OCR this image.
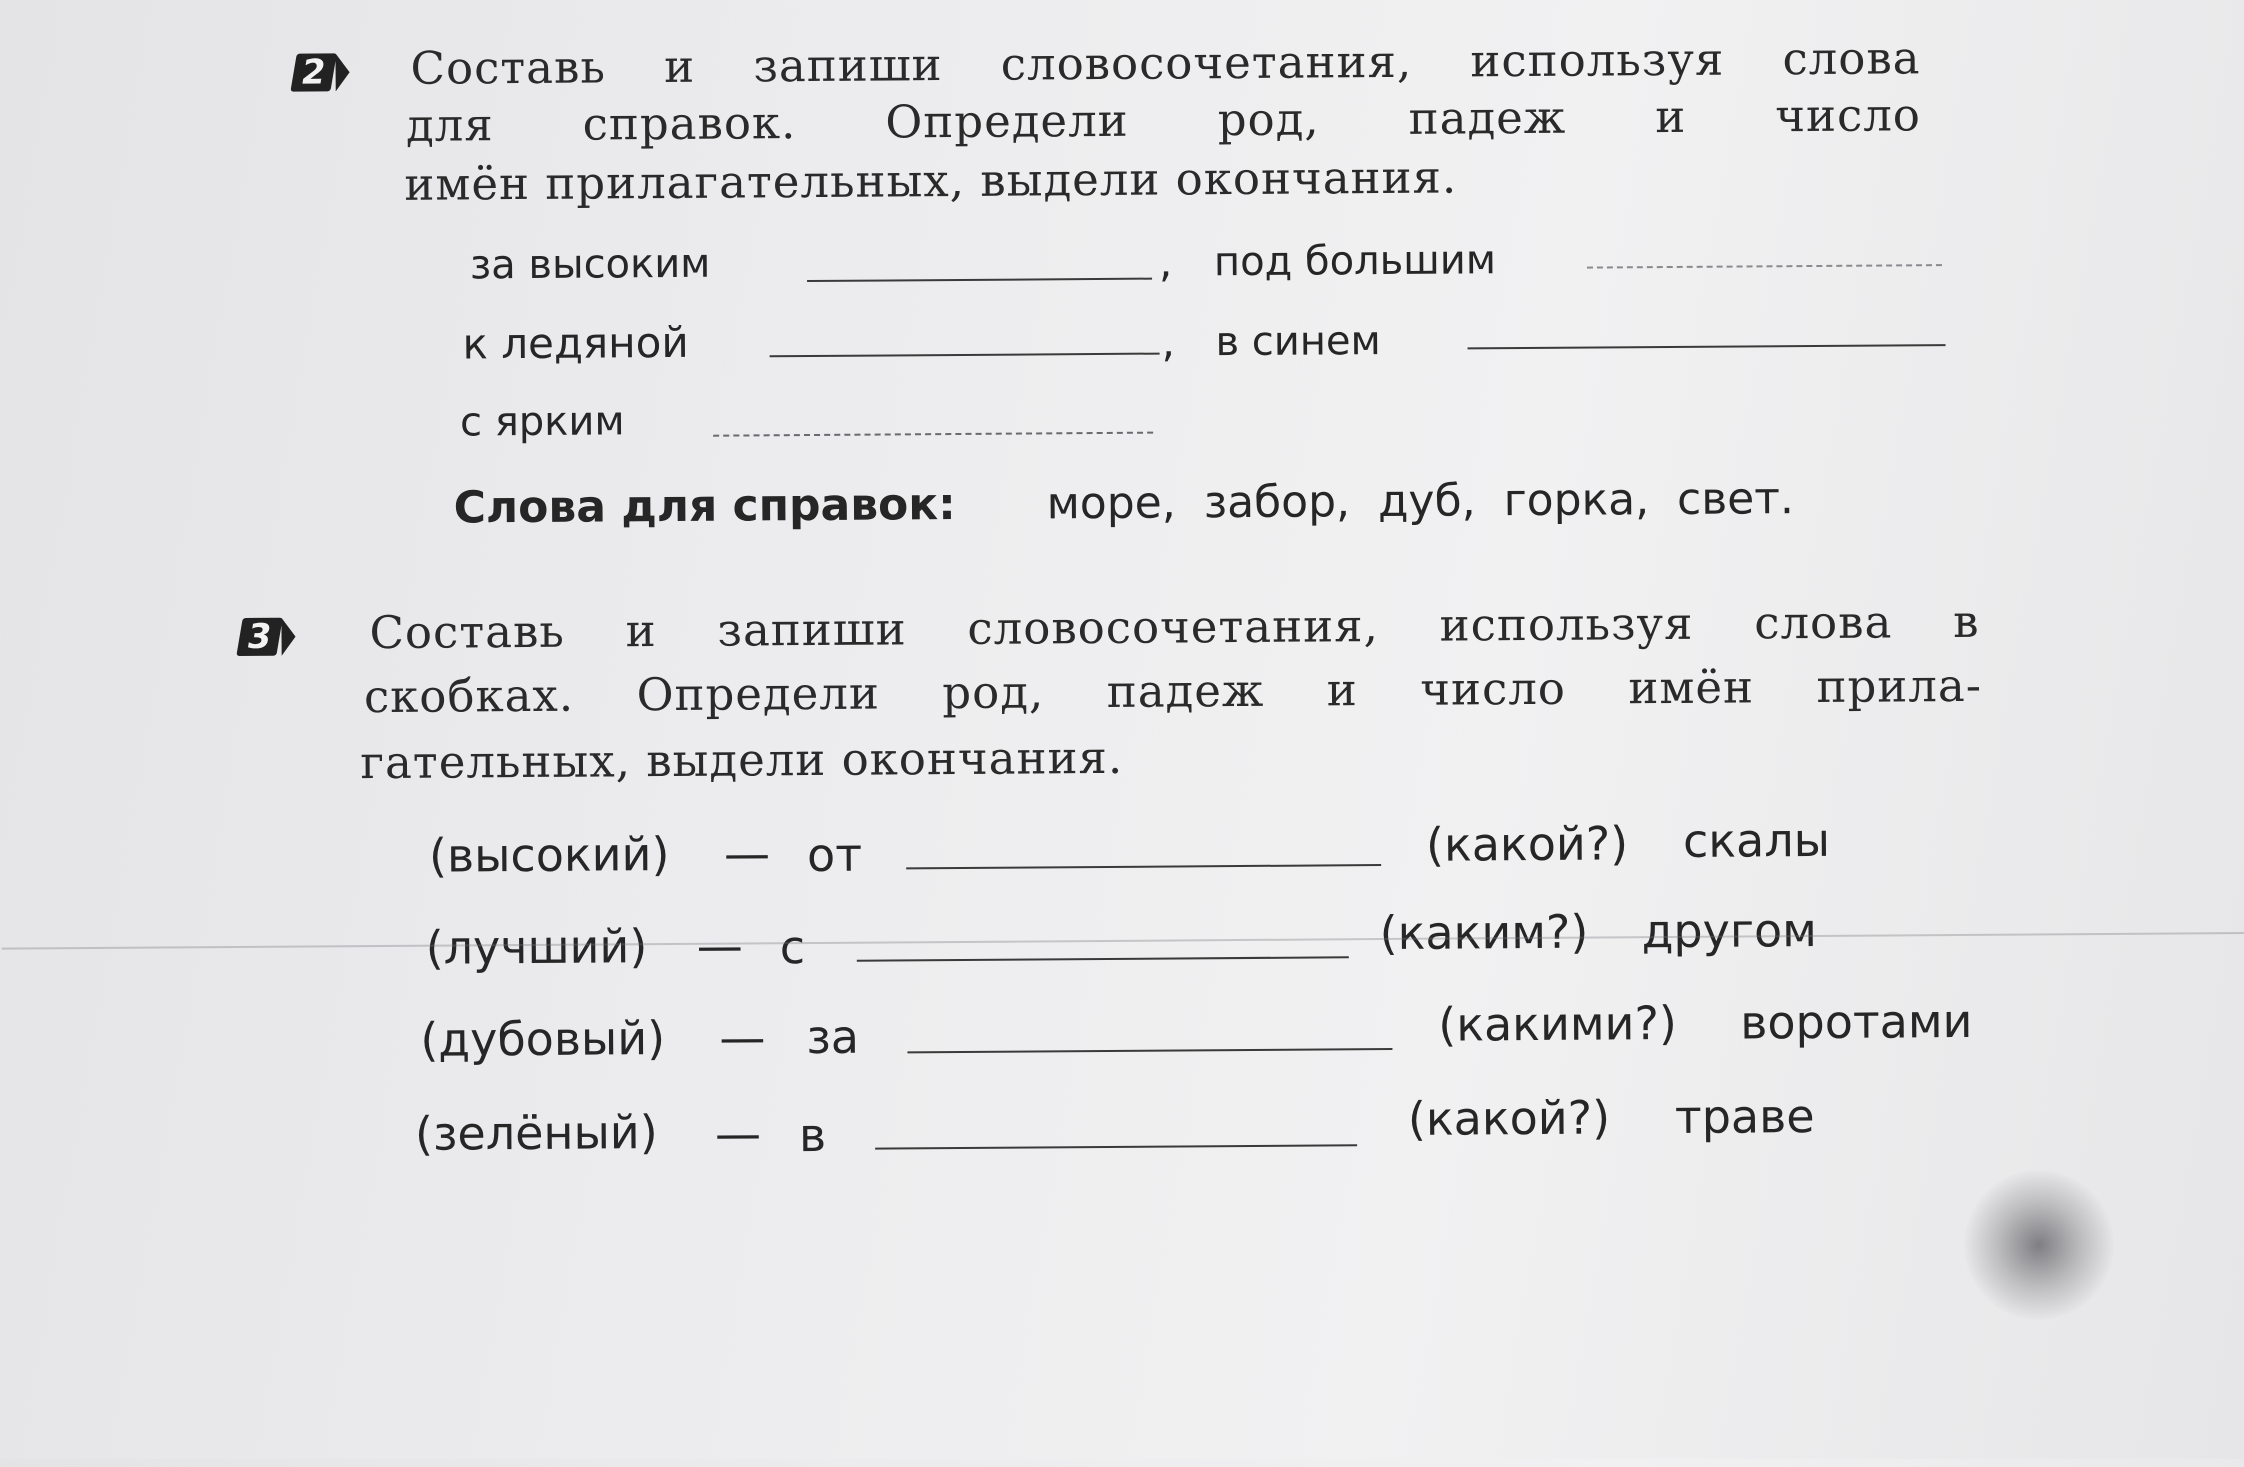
2 Составь и запиши словосочетания, используя слова
для справок. Определи род, падеж и число
имён прилагательных, выдели окончания.
за высоким	, под большим
к ледяной	, в синем
с ярким
Слова для справок: море, забор, дуб, горка, свет.
3 Составь и запиши словосочетания, используя слова в
скобках. Определи род, падеж и число имён прила-
гательных, выдели окончания.
(высокий) — от	(какой?) скалы
(лучший) — с	(каким?) другом
(дубовый) — за	(какими?) воротами
(зелёный) — в	(какой?) траве
